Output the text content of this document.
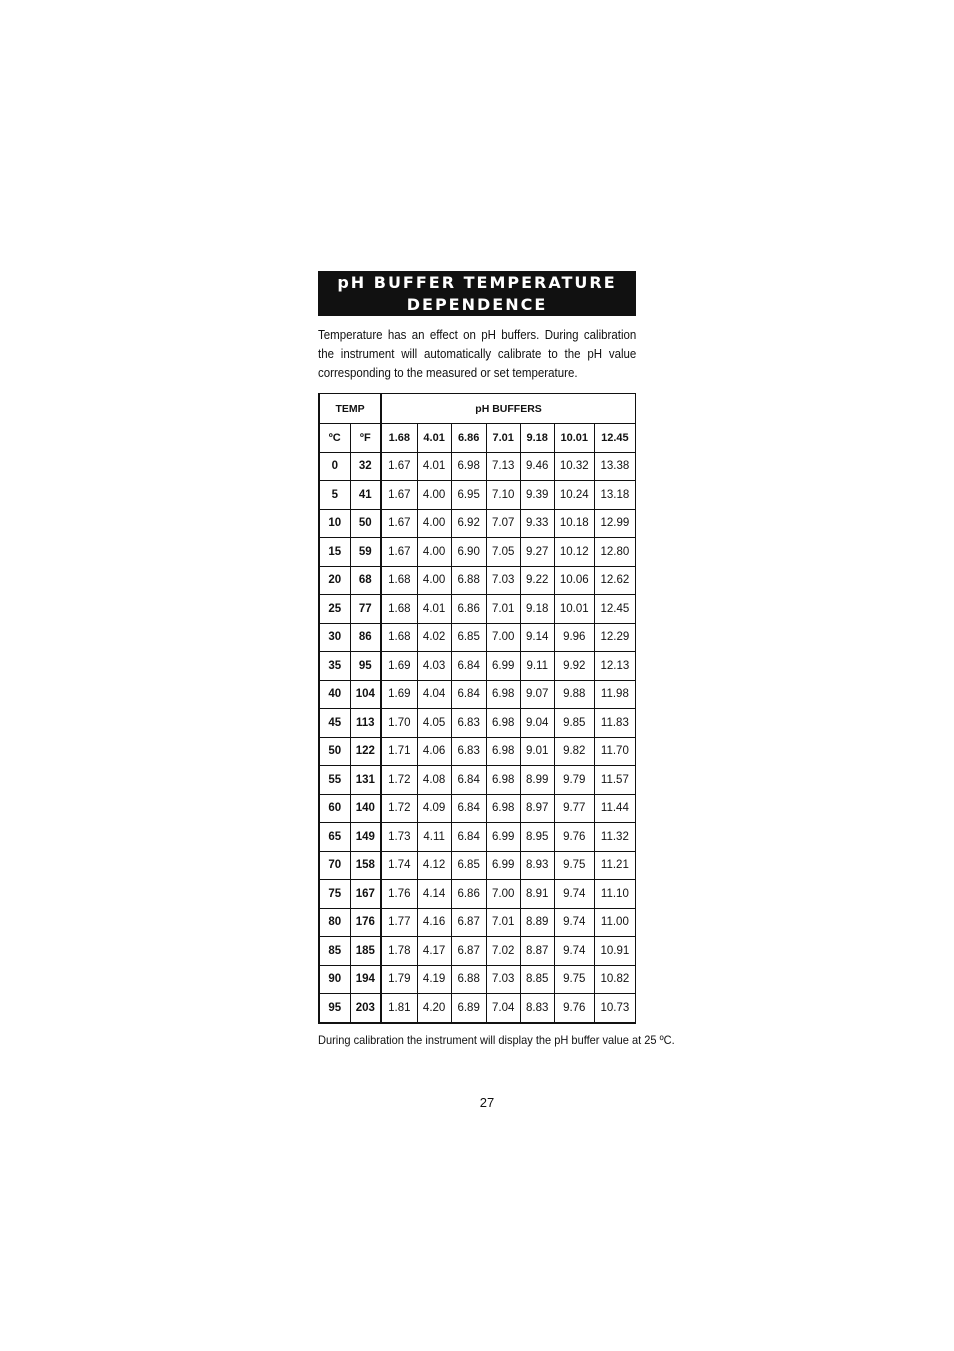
pH BUFFER TEMPERATURE
DEPENDENCE

Temperature has an effect on pH buffers. During calibration the instrument will automatically calibrate to the pH value corresponding to the measured or set temperature.

TEMP		pH BUFFERS						
ºC	ºF	1.68	4.01	6.86	7.01	9.18	10.01	12.45
0	32	1.67	4.01	6.98	7.13	9.46	10.32	13.38
5	41	1.67	4.00	6.95	7.10	9.39	10.24	13.18
10	50	1.67	4.00	6.92	7.07	9.33	10.18	12.99
15	59	1.67	4.00	6.90	7.05	9.27	10.12	12.80
20	68	1.68	4.00	6.88	7.03	9.22	10.06	12.62
25	77	1.68	4.01	6.86	7.01	9.18	10.01	12.45
30	86	1.68	4.02	6.85	7.00	9.14	9.96	12.29
35	95	1.69	4.03	6.84	6.99	9.11	9.92	12.13
40	104	1.69	4.04	6.84	6.98	9.07	9.88	11.98
45	113	1.70	4.05	6.83	6.98	9.04	9.85	11.83
50	122	1.71	4.06	6.83	6.98	9.01	9.82	11.70
55	131	1.72	4.08	6.84	6.98	8.99	9.79	11.57
60	140	1.72	4.09	6.84	6.98	8.97	9.77	11.44
65	149	1.73	4.11	6.84	6.99	8.95	9.76	11.32
70	158	1.74	4.12	6.85	6.99	8.93	9.75	11.21
75	167	1.76	4.14	6.86	7.00	8.91	9.74	11.10
80	176	1.77	4.16	6.87	7.01	8.89	9.74	11.00
85	185	1.78	4.17	6.87	7.02	8.87	9.74	10.91
90	194	1.79	4.19	6.88	7.03	8.85	9.75	10.82
95	203	1.81	4.20	6.89	7.04	8.83	9.76	10.73
During calibration the instrument will display the pH buffer value at 25 ºC.
27
